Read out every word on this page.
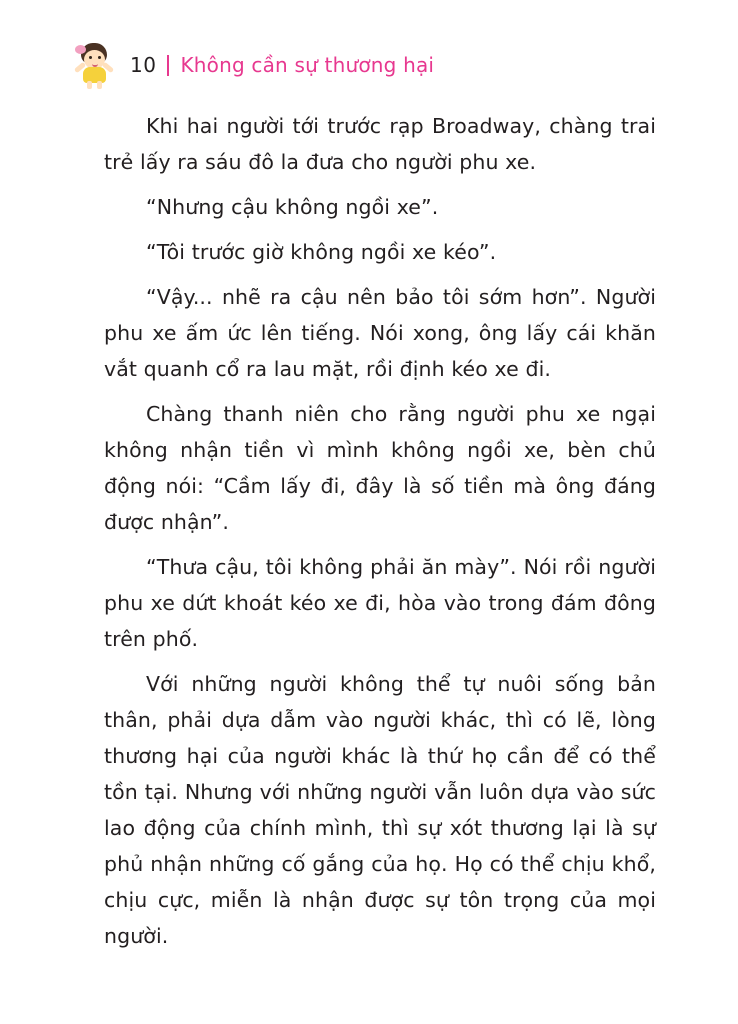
10 Không cần sự thương hại

Khi hai người tới trước rạp Broadway, chàng trai trẻ lấy ra sáu đô la đưa cho người phu xe.

“Nhưng cậu không ngồi xe”.

“Tôi trước giờ không ngồi xe kéo”.

“Vậy... nhẽ ra cậu nên bảo tôi sớm hơn”. Người phu xe ấm ức lên tiếng. Nói xong, ông lấy cái khăn vắt quanh cổ ra lau mặt, rồi định kéo xe đi.

Chàng thanh niên cho rằng người phu xe ngại không nhận tiền vì mình không ngồi xe, bèn chủ động nói: “Cầm lấy đi, đây là số tiền mà ông đáng được nhận”.

“Thưa cậu, tôi không phải ăn mày”. Nói rồi người phu xe dứt khoát kéo xe đi, hòa vào trong đám đông trên phố.

Với những người không thể tự nuôi sống bản thân, phải dựa dẫm vào người khác, thì có lẽ, lòng thương hại của người khác là thứ họ cần để có thể tồn tại. Nhưng với những người vẫn luôn dựa vào sức lao động của chính mình, thì sự xót thương lại là sự phủ nhận những cố gắng của họ. Họ có thể chịu khổ, chịu cực, miễn là nhận được sự tôn trọng của mọi người.
